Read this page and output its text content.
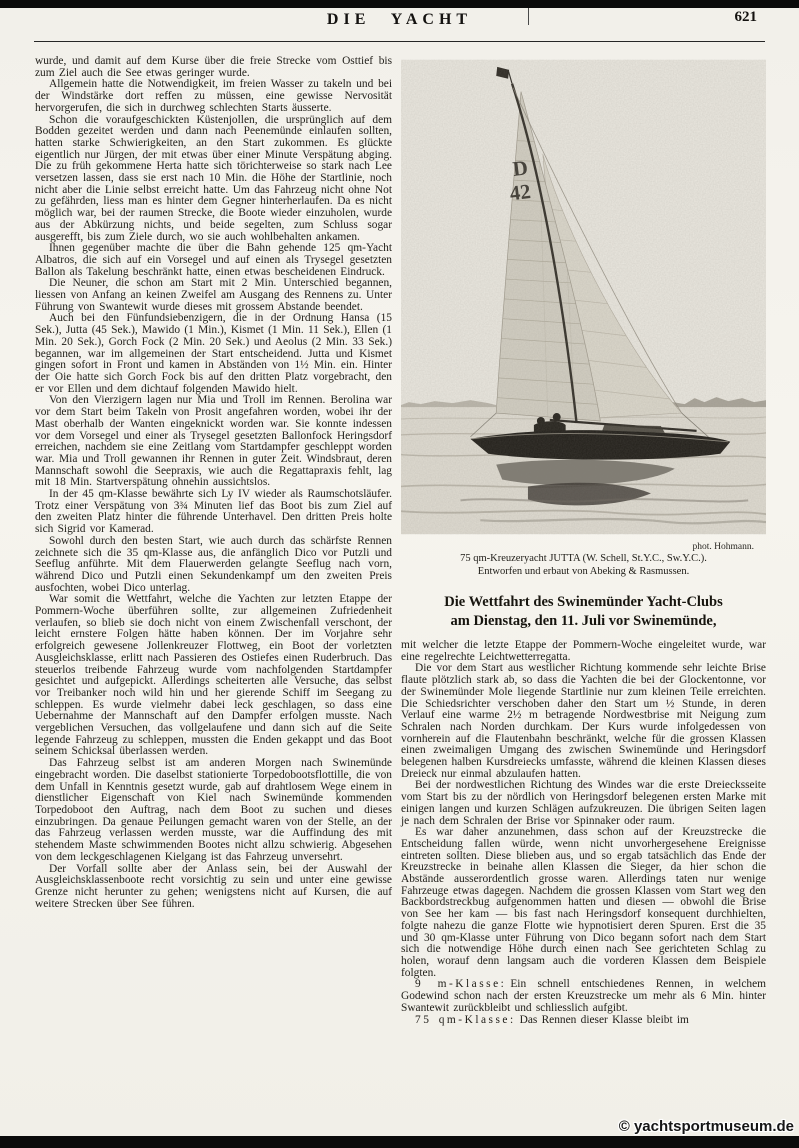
DIE YACHT	621

wurde, und damit auf dem Kurse über die freie Strecke vom Osttief bis zum Ziel auch die See etwas geringer wurde.

Allgemein hatte die Notwendigkeit, im freien Wasser zu takeln und bei der Windstärke dort reffen zu müssen, eine gewisse Nervosität hervorgerufen, die sich in durchweg schlechten Starts äusserte.

Schon die voraufgeschickten Küstenjollen, die ursprünglich auf dem Bodden gezeitet werden und dann nach Peenemünde einlaufen sollten, hatten starke Schwierigkeiten, an den Start zukommen. Es glückte eigentlich nur Jürgen, der mit etwas über einer Minute Verspätung abging. Die zu früh gekommene Herta hatte sich törichterweise so stark nach Lee versetzen lassen, dass sie erst nach 10 Min. die Höhe der Startlinie, noch nicht aber die Linie selbst erreicht hatte. Um das Fahrzeug nicht ohne Not zu gefährden, liess man es hinter dem Gegner hinterherlaufen. Da es nicht möglich war, bei der raumen Strecke, die Boote wieder einzuholen, wurde aus der Abkürzung nichts, und beide segelten, zum Schluss sogar ausgerefft, bis zum Ziele durch, wo sie auch wohlbehalten ankamen.

Ihnen gegenüber machte die über die Bahn gehende 125 qm-Yacht Albatros, die sich auf ein Vorsegel und auf einen als Trysegel gesetzten Ballon als Takelung beschränkt hatte, einen etwas bescheidenen Eindruck.

Die Neuner, die schon am Start mit 2 Min. Unterschied begannen, liessen von Anfang an keinen Zweifel am Ausgang des Rennens zu. Unter Führung von Swantewit wurde dieses mit grossem Abstande beendet.

Auch bei den Fünfundsiebenzigern, die in der Ordnung Hansa (15 Sek.), Jutta (45 Sek.), Mawido (1 Min.), Kismet (1 Min. 11 Sek.), Ellen (1 Min. 20 Sek.), Gorch Fock (2 Min. 20 Sek.) und Aeolus (2 Min. 33 Sek.) begannen, war im allgemeinen der Start entscheidend. Jutta und Kismet gingen sofort in Front und kamen in Abständen von 1½ Min. ein. Hinter der Oie hatte sich Gorch Fock bis auf den dritten Platz vorgebracht, den er vor Ellen und dem dichtauf folgenden Mawido hielt.

Von den Vierzigern lagen nur Mia und Troll im Rennen. Berolina war vor dem Start beim Takeln von Prosit angefahren worden, wobei ihr der Mast oberhalb der Wanten eingeknickt worden war. Sie konnte indessen vor dem Vorsegel und einer als Trysegel gesetzten Ballonfock Heringsdorf erreichen, nachdem sie eine Zeitlang vom Startdampfer geschleppt worden war. Mia und Troll gewannen ihr Rennen in guter Zeit. Windsbraut, deren Mannschaft sowohl die Seepraxis, wie auch die Regattapraxis fehlt, lag mit 18 Min. Startverspätung ohnehin aussichtslos.

In der 45 qm-Klasse bewährte sich Ly IV wieder als Raumschotsläufer. Trotz einer Verspätung von 3¾ Minuten lief das Boot bis zum Ziel auf den zweiten Platz hinter die führende Unterhavel. Den dritten Preis holte sich Sigrid vor Kamerad.

Sowohl durch den besten Start, wie auch durch das schärfste Rennen zeichnete sich die 35 qm-Klasse aus, die anfänglich Dico vor Putzli und Seeflug anführte. Mit dem Flauerwerden gelangte Seeflug nach vorn, während Dico und Putzli einen Sekundenkampf um den zweiten Preis ausfochten, wobei Dico unterlag.

War somit die Wettfahrt, welche die Yachten zur letzten Etappe der Pommern-Woche überführen sollte, zur allgemeinen Zufriedenheit verlaufen, so blieb sie doch nicht von einem Zwischenfall verschont, der leicht ernstere Folgen hätte haben können. Der im Vorjahre sehr erfolgreich gewesene Jollenkreuzer Flottweg, ein Boot der vorletzten Ausgleichsklasse, erlitt nach Passieren des Ostiefes einen Ruderbruch. Das steuerlos treibende Fahrzeug wurde vom nachfolgenden Startdampfer gesichtet und aufgepickt. Allerdings scheiterten alle Versuche, das selbst vor Treibanker noch wild hin und her gierende Schiff im Seegang zu schleppen. Es wurde vielmehr dabei leck geschlagen, so dass eine Uebernahme der Mannschaft auf den Dampfer erfolgen musste. Nach vergeblichen Versuchen, das vollgelaufene und dann sich auf die Seite legende Fahrzeug zu schleppen, mussten die Enden gekappt und das Boot seinem Schicksal überlassen werden.

Das Fahrzeug selbst ist am anderen Morgen nach Swinemünde eingebracht worden. Die daselbst stationierte Torpedobootsflottille, die von dem Unfall in Kenntnis gesetzt wurde, gab auf drahtlosem Wege einem in dienstlicher Eigenschaft von Kiel nach Swinemünde kommenden Torpedoboot den Auftrag, nach dem Boot zu suchen und dieses einzubringen. Da genaue Peilungen gemacht waren von der Stelle, an der das Fahrzeug verlassen werden musste, war die Auffindung des mit stehendem Maste schwimmenden Bootes nicht allzu schwierig. Abgesehen von dem leckgeschlagenen Kielgang ist das Fahrzeug unversehrt.

Der Vorfall sollte aber der Anlass sein, bei der Auswahl der Ausgleichsklassenboote recht vorsichtig zu sein und unter eine gewisse Grenze nicht herunter zu gehen; wenigstens nicht auf Kursen, die auf weitere Strecken über See führen.

phot. Hohmann.
75 qm-Kreuzeryacht JUTTA (W. Schell, St.Y.C., Sw.Y.C.).
Entworfen und erbaut von Abeking & Rasmussen.
Die Wettfahrt des Swinemünder Yacht-Clubs
am Dienstag, den 11. Juli vor Swinemünde,

mit welcher die letzte Etappe der Pommern-Woche eingeleitet wurde, war eine regelrechte Leichtwetterregatta.

Die vor dem Start aus westlicher Richtung kommende sehr leichte Brise flaute plötzlich stark ab, so dass die Yachten die bei der Glockentonne, vor der Swinemünder Mole liegende Startlinie nur zum kleinen Teile erreichten. Die Schiedsrichter verschoben daher den Start um ½ Stunde, in deren Verlauf eine warme 2½ m betragende Nordwestbrise mit Neigung zum Schralen nach Norden durchkam. Der Kurs wurde infolgedessen von vornherein auf die Flautenbahn beschränkt, welche für die grossen Klassen einen zweimaligen Umgang des zwischen Swinemünde und Heringsdorf belegenen halben Kursdreiecks umfasste, während die kleinen Klassen dieses Dreieck nur einmal abzulaufen hatten.

Bei der nordwestlichen Richtung des Windes war die erste Dreiecksseite vom Start bis zu der nördlich von Heringsdorf belegenen ersten Marke mit einigen langen und kurzen Schlägen aufzukreuzen. Die übrigen Seiten lagen je nach dem Schralen der Brise vor Spinnaker oder raum.

Es war daher anzunehmen, dass schon auf der Kreuzstrecke die Entscheidung fallen würde, wenn nicht unvorhergesehene Ereignisse eintreten sollten. Diese blieben aus, und so ergab tatsächlich das Ende der Kreuzstrecke in beinahe allen Klassen die Sieger, da hier schon die Abstände ausserordentlich grosse waren. Allerdings taten nur wenige Fahrzeuge etwas dagegen. Nachdem die grossen Klassen vom Start weg den Backbordstreckbug aufgenommen hatten und diesen — obwohl die Brise von See her kam — bis fast nach Heringsdorf konsequent durchhielten, folgte nahezu die ganze Flotte wie hypnotisiert deren Spuren. Erst die 35 und 30 qm-Klasse unter Führung von Dico begann sofort nach dem Start sich die notwendige Höhe durch einen nach See gerichteten Schlag zu holen, worauf denn langsam auch die vorderen Klassen dem Beispiele folgten.

9 m-Klasse: Ein schnell entschiedenes Rennen, in welchem Godewind schon nach der ersten Kreuzstrecke um mehr als 6 Min. hinter Swantewit zurückbleibt und schliesslich aufgibt.

75 qm-Klasse: Das Rennen dieser Klasse bleibt im

© yachtsportmuseum.de
